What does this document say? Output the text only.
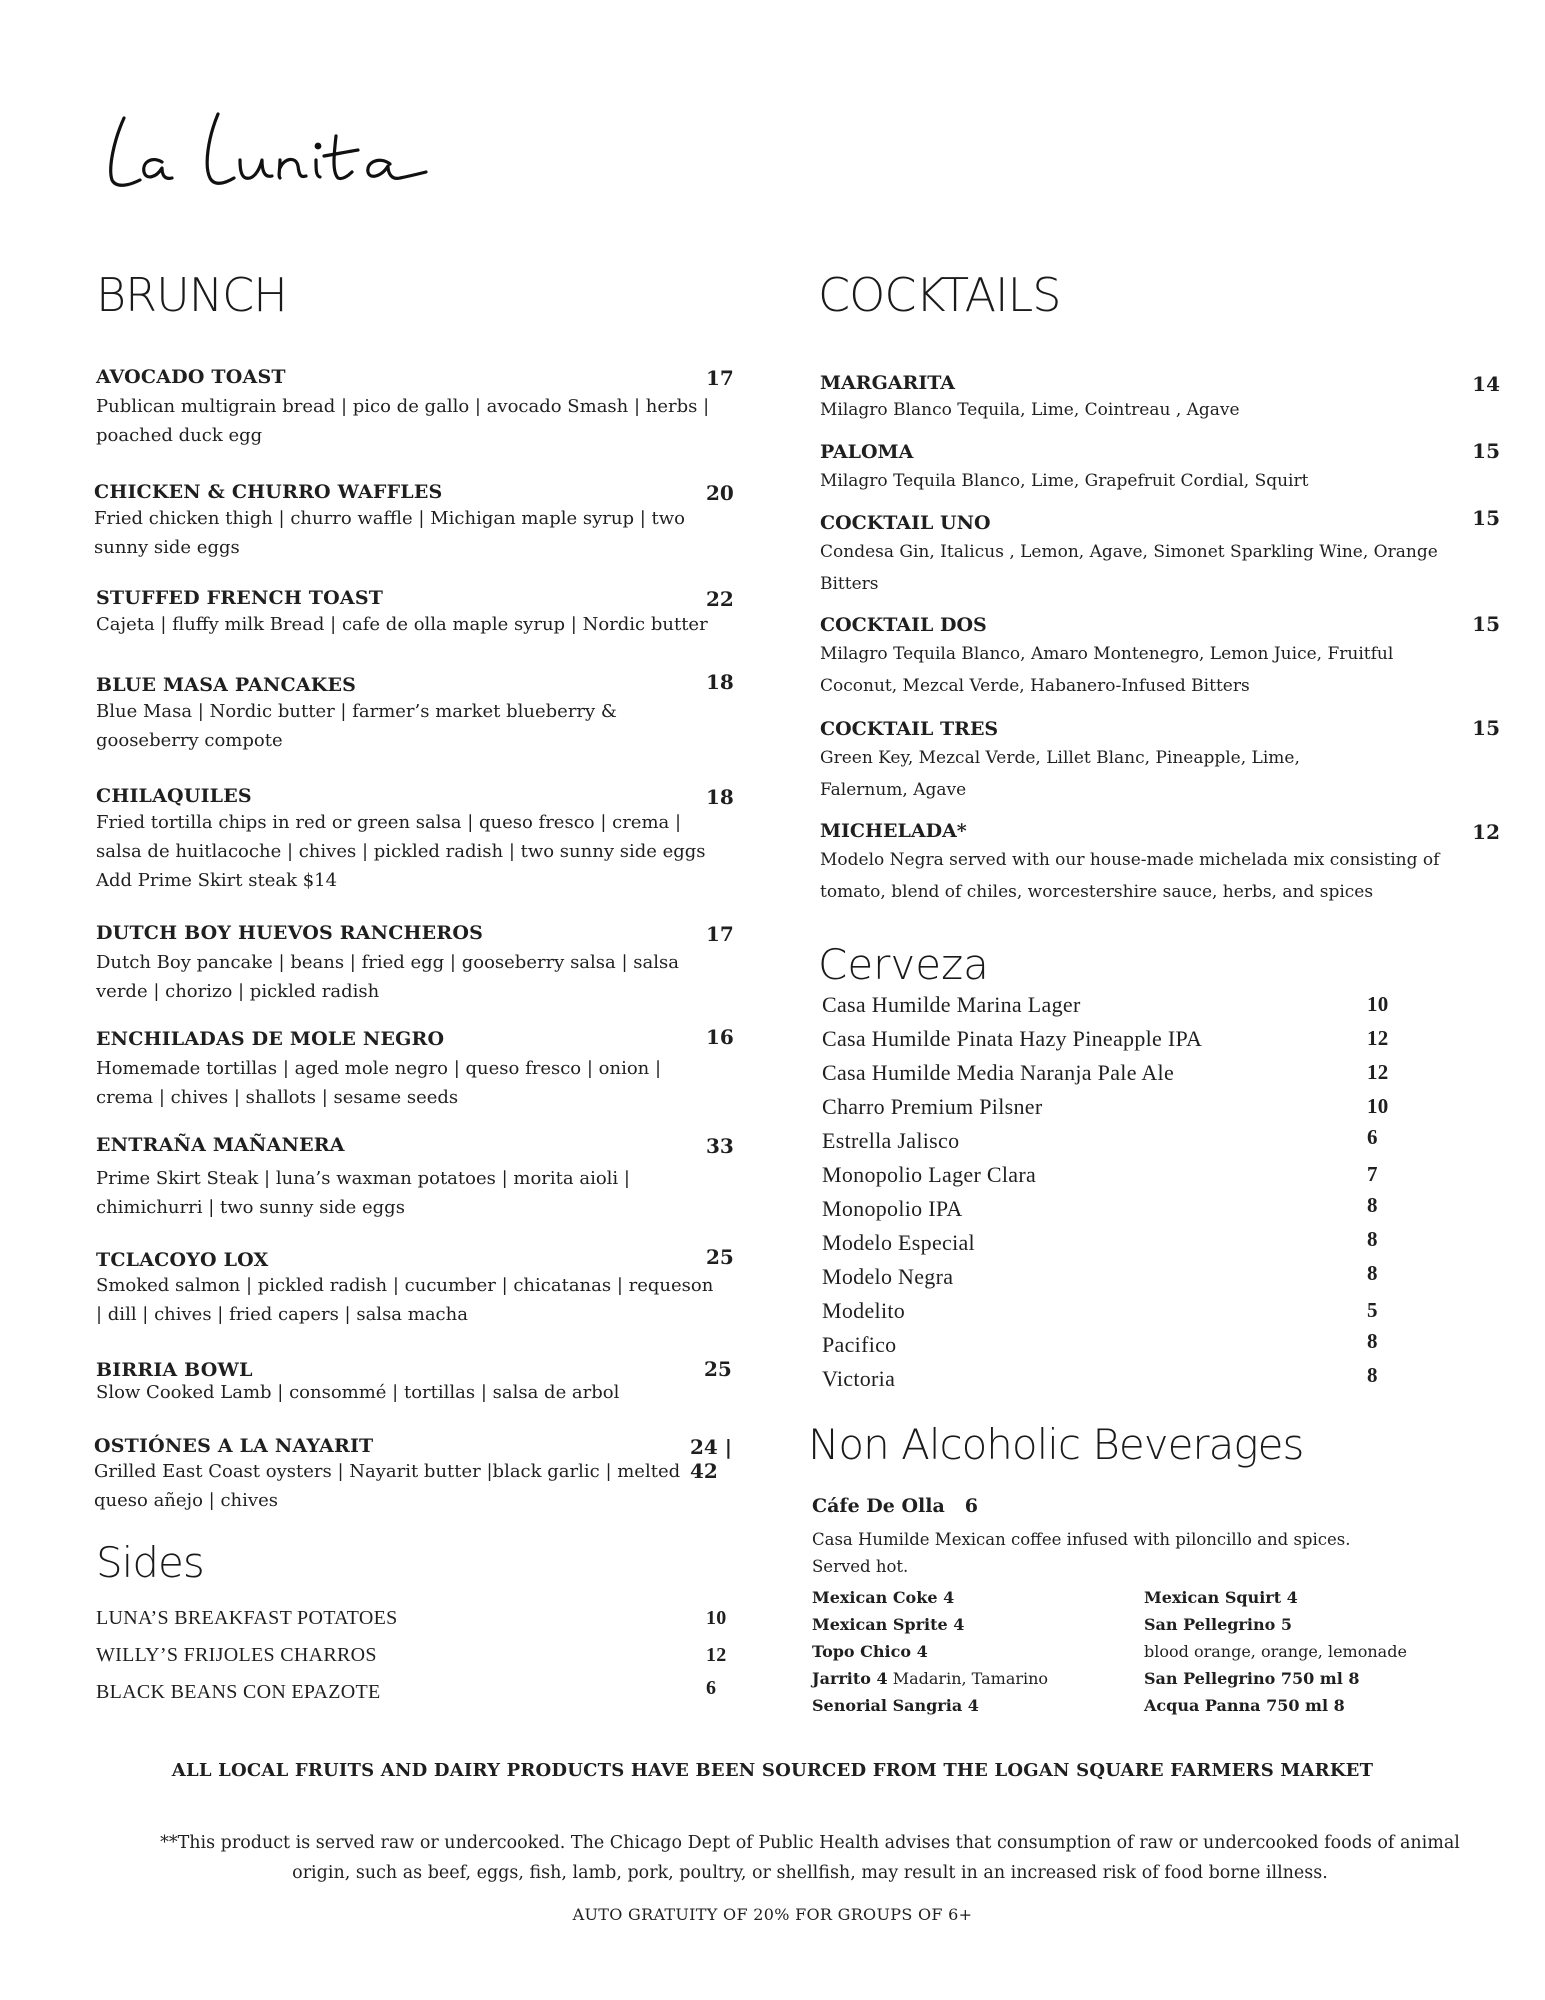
BRUNCH
AVOCADO TOAST	17
Publican multigrain bread | pico de gallo | avocado Smash | herbs | poached duck egg
CHICKEN & CHURRO WAFFLES	20
Fried chicken thigh | churro waffle | Michigan maple syrup | two sunny side eggs
STUFFED FRENCH TOAST	22
Cajeta | fluffy milk Bread | cafe de olla maple syrup | Nordic butter
BLUE MASA PANCAKES	18
Blue Masa | Nordic butter | farmer’s market blueberry & gooseberry compote
CHILAQUILES	18
Fried tortilla chips in red or green salsa | queso fresco | crema | salsa de huitlacoche | chives | pickled radish | two sunny side eggs
Add Prime Skirt steak $14
DUTCH BOY HUEVOS RANCHEROS	17
Dutch Boy pancake | beans | fried egg | gooseberry salsa | salsa verde | chorizo | pickled radish
ENCHILADAS DE MOLE NEGRO	16
Homemade tortillas | aged mole negro | queso fresco | onion | crema | chives | shallots | sesame seeds
ENTRAÑA MAÑANERA	33
Prime Skirt Steak | luna’s waxman potatoes | morita aioli | chimichurri | two sunny side eggs
TCLACOYO LOX	25
Smoked salmon | pickled radish | cucumber | chicatanas | requeson | dill | chives | fried capers | salsa macha
BIRRIA BOWL	25
Slow Cooked Lamb | consommé | tortillas | salsa de arbol
OSTIÓNES A LA NAYARIT	24 | 42
Grilled East Coast oysters | Nayarit butter |black garlic | melted queso añejo | chives
Sides
LUNA’S BREAKFAST POTATOES	10
WILLY’S FRIJOLES CHARROS	12
BLACK BEANS CON EPAZOTE	6
COCKTAILS
MARGARITA	14
Milagro Blanco Tequila, Lime, Cointreau , Agave
PALOMA	15
Milagro Tequila Blanco, Lime, Grapefruit Cordial, Squirt
COCKTAIL UNO	15
Condesa Gin, Italicus , Lemon, Agave, Simonet Sparkling Wine, Orange Bitters
COCKTAIL DOS	15
Milagro Tequila Blanco, Amaro Montenegro, Lemon Juice, Fruitful Coconut, Mezcal Verde, Habanero-Infused Bitters
COCKTAIL TRES	15
Green Key, Mezcal Verde, Lillet Blanc, Pineapple, Lime, Falernum, Agave
MICHELADA*	12
Modelo Negra served with our house-made michelada mix consisting of tomato, blend of chiles, worcestershire sauce, herbs, and spices
Cerveza
Casa Humilde Marina Lager	10
Casa Humilde Pinata Hazy Pineapple IPA	12
Casa Humilde Media Naranja Pale Ale	12
Charro Premium Pilsner	10
Estrella Jalisco	6
Monopolio Lager Clara	7
Monopolio IPA	8
Modelo Especial	8
Modelo Negra	8
Modelito	5
Pacifico	8
Victoria	8
Non Alcoholic Beverages
Cáfe De Olla 6
Casa Humilde Mexican coffee infused with piloncillo and spices. Served hot.
Mexican Coke 4
Mexican Sprite 4
Topo Chico 4
Jarrito 4 Madarin, Tamarino
Senorial Sangria 4
Mexican Squirt 4
San Pellegrino 5
blood orange, orange, lemonade
San Pellegrino 750 ml 8
Acqua Panna 750 ml 8
ALL LOCAL FRUITS AND DAIRY PRODUCTS HAVE BEEN SOURCED FROM THE LOGAN SQUARE FARMERS MARKET
**This product is served raw or undercooked. The Chicago Dept of Public Health advises that consumption of raw or undercooked foods of animal origin, such as beef, eggs, fish, lamb, pork, poultry, or shellfish, may result in an increased risk of food borne illness.
AUTO GRATUITY OF 20% FOR GROUPS OF 6+
